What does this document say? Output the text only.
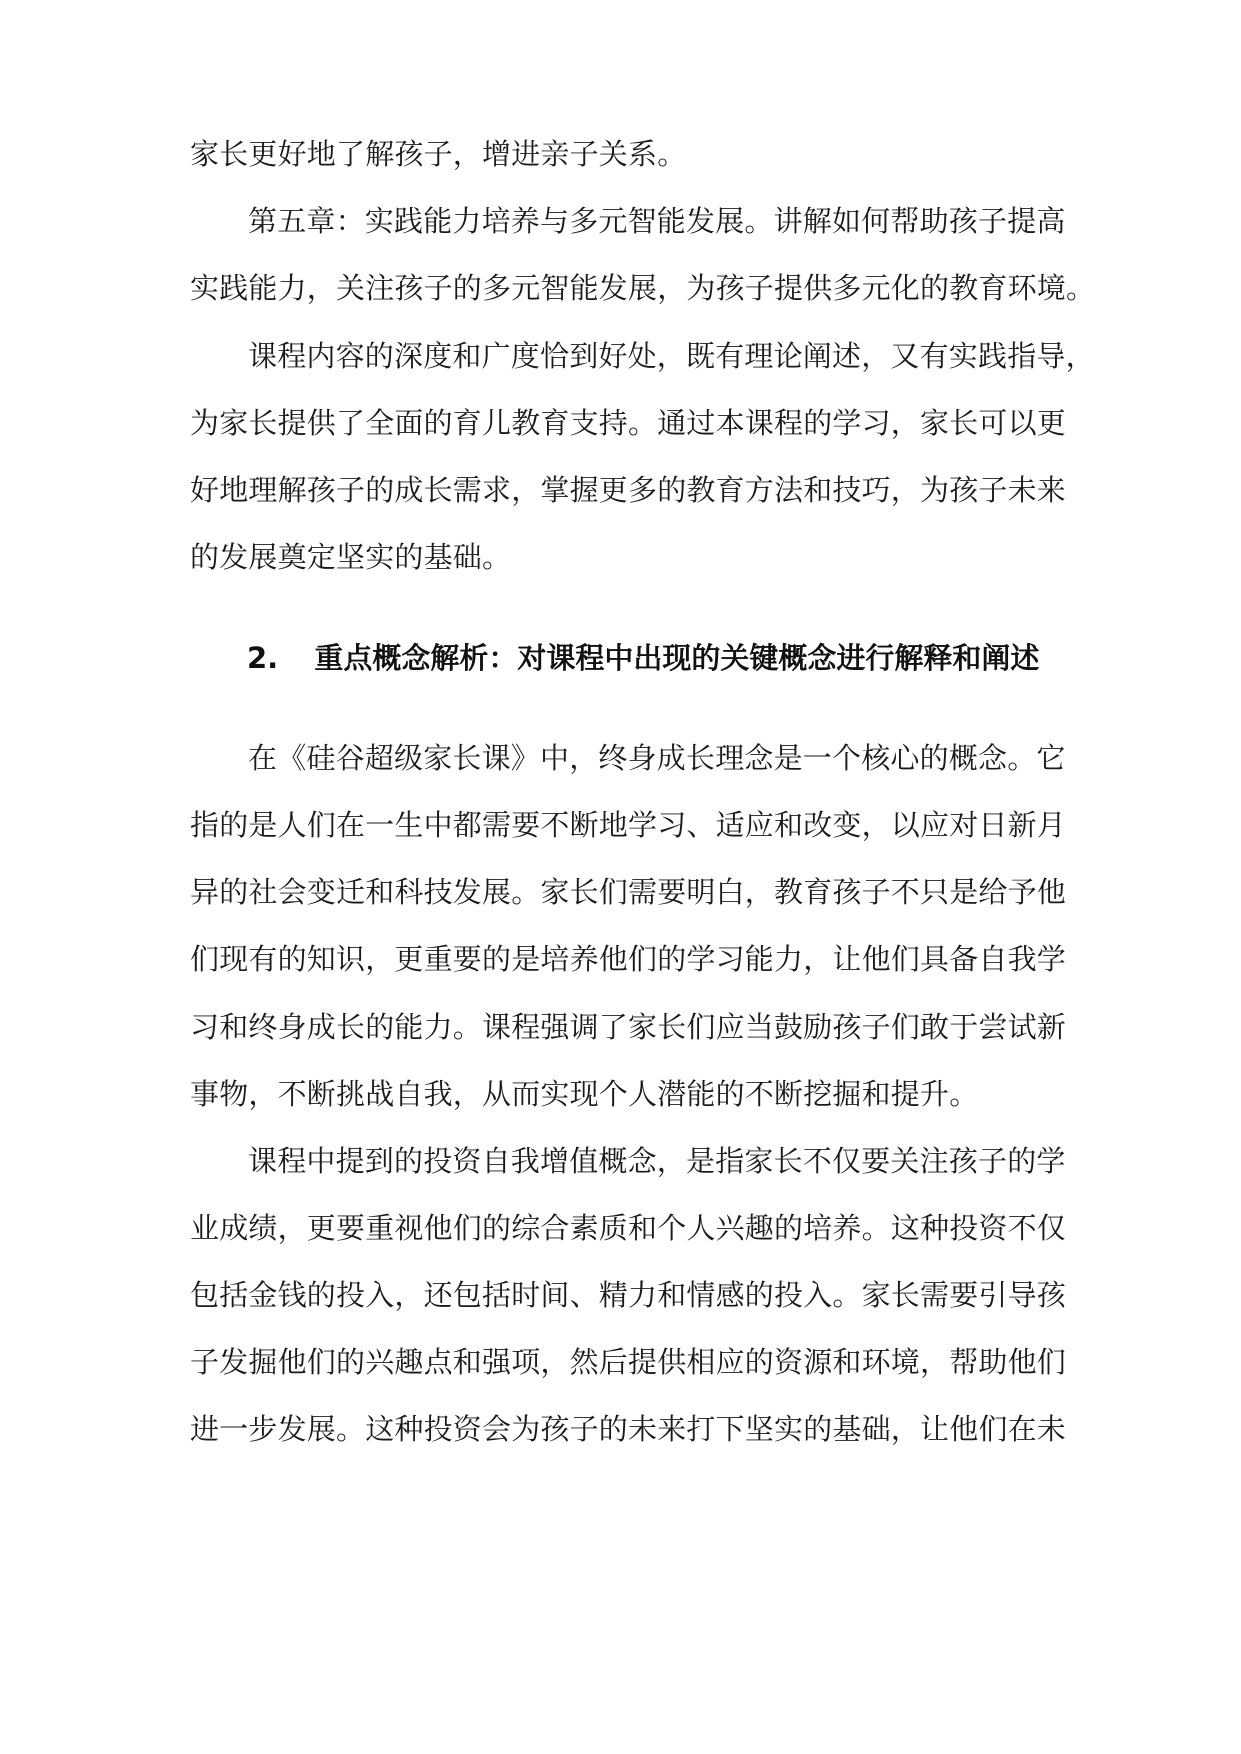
家长更好地了解孩子，增进亲子关系。
第五章：实践能力培养与多元智能发展。讲解如何帮助孩子提高
实践能力，关注孩子的多元智能发展，为孩子提供多元化的教育环境。
课程内容的深度和广度恰到好处，既有理论阐述，又有实践指导，
为家长提供了全面的育儿教育支持。通过本课程的学习，家长可以更
好地理解孩子的成长需求，掌握更多的教育方法和技巧，为孩子未来
的发展奠定坚实的基础。
2. 重点概念解析：对课程中出现的关键概念进行解释和阐述
在《硅谷超级家长课》中，终身成长理念是一个核心的概念。它
指的是人们在一生中都需要不断地学习、适应和改变，以应对日新月
异的社会变迁和科技发展。家长们需要明白，教育孩子不只是给予他
们现有的知识，更重要的是培养他们的学习能力，让他们具备自我学
习和终身成长的能力。课程强调了家长们应当鼓励孩子们敢于尝试新
事物，不断挑战自我，从而实现个人潜能的不断挖掘和提升。
课程中提到的投资自我增值概念，是指家长不仅要关注孩子的学
业成绩，更要重视他们的综合素质和个人兴趣的培养。这种投资不仅
包括金钱的投入，还包括时间、精力和情感的投入。家长需要引导孩
子发掘他们的兴趣点和强项，然后提供相应的资源和环境，帮助他们
进一步发展。这种投资会为孩子的未来打下坚实的基础，让他们在未
